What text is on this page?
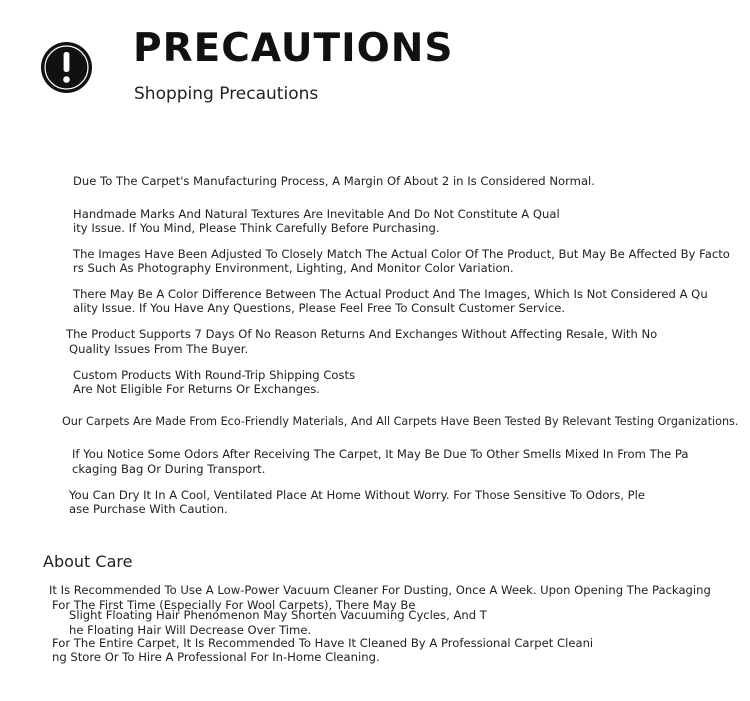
PRECAUTIONS

Shopping Precautions

Due To The Carpet's Manufacturing Process, A Margin Of About 2 in Is Considered Normal.

Handmade Marks And Natural Textures Are Inevitable And Do Not Constitute A Qual

ity Issue. If You Mind, Please Think Carefully Before Purchasing.

The Images Have Been Adjusted To Closely Match The Actual Color Of The Product, But May Be Affected By Facto

rs Such As Photography Environment, Lighting, And Monitor Color Variation.

There May Be A Color Difference Between The Actual Product And The Images, Which Is Not Considered A Qu

ality Issue. If You Have Any Questions, Please Feel Free To Consult Customer Service.

The Product Supports 7 Days Of No Reason Returns And Exchanges Without Affecting Resale, With No

Quality Issues From The Buyer.

Custom Products With Round-Trip Shipping Costs

Are Not Eligible For Returns Or Exchanges.

Our Carpets Are Made From Eco-Friendly Materials, And All Carpets Have Been Tested By Relevant Testing Organizations.

If You Notice Some Odors After Receiving The Carpet, It May Be Due To Other Smells Mixed In From The Pa

ckaging Bag Or During Transport.

You Can Dry It In A Cool, Ventilated Place At Home Without Worry. For Those Sensitive To Odors, Ple

ase Purchase With Caution.

About Care

It Is Recommended To Use A Low-Power Vacuum Cleaner For Dusting, Once A Week. Upon Opening The Packaging

For The First Time (Especially For Wool Carpets), There May Be

Slight Floating Hair Phenomenon May Shorten Vacuuming Cycles, And T

he Floating Hair Will Decrease Over Time.

For The Entire Carpet, It Is Recommended To Have It Cleaned By A Professional Carpet Cleani

ng Store Or To Hire A Professional For In-Home Cleaning.
